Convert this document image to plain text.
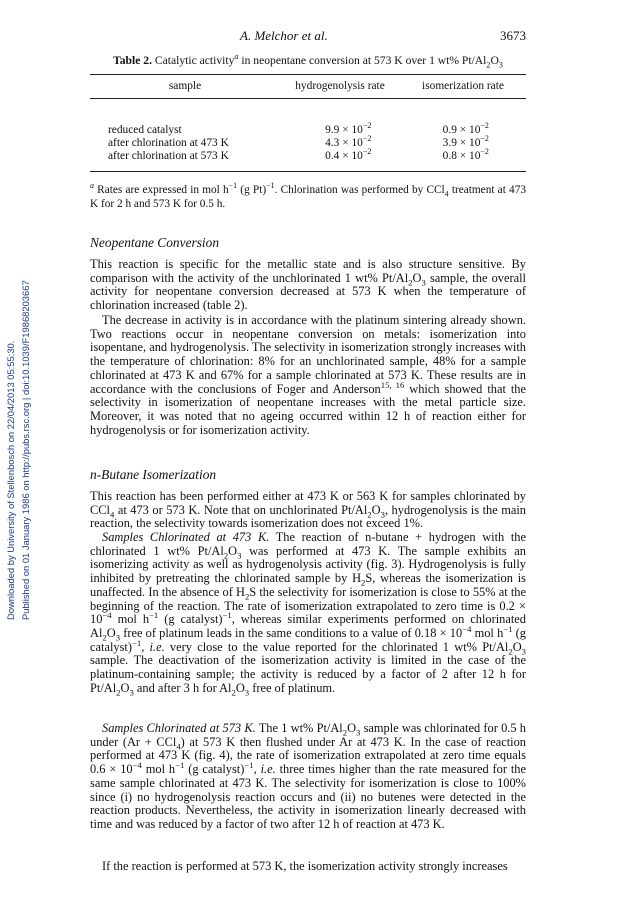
Downloaded by University of Stellenbosch on 22/04/2013 05:55:30. Published on 01 January 1986 on http://pubs.rsc.org | doi:10.1039/F19868203667
A. Melchor et al.	3673
Table 2. Catalytic activity$^a$ in neopentane conversion at 573 K over 1 wt% $Pt/Al_2O_3$
sample	hydrogenolysis rate	isomerization rate
reduced catalyst	$9.9 \times 10^{-2}$	$0.9 \times 10^{-2}$
after chlorination at 473 K	$4.3 \times 10^{-2}$	$3.9 \times 10^{-2}$
after chlorination at 573 K	$0.4 \times 10^{-2}$	$0.8 \times 10^{-2}$
$^a$ Rates are expressed in mol $h^{-1}$ (g Pt)$^{-1}$. Chlorination was performed by CCl$_4$ treatment at 473 K for 2 h and 573 K for 0.5 h.
Neopentane Conversion

This reaction is specific for the metallic state and is also structure sensitive. By comparison with the activity of the unchlorinated 1 wt% $Pt/Al_2O_3$ sample, the overall activity for neopentane conversion decreased at 573 K when the temperature of chlorination increased (table 2).

The decrease in activity is in accordance with the platinum sintering already shown. Two reactions occur in neopentane conversion on metals: isomerization into isopentane, and hydrogenolysis. The selectivity in isomerization strongly increases with the temperature of chlorination: 8% for an unchlorinated sample, 48% for a sample chlorinated at 473 K and 67% for a sample chlorinated at 573 K. These results are in accordance with the conclusions of Foger and Anderson$^{15, 16}$ which showed that the selectivity in isomerization of neopentane increases with the metal particle size. Moreover, it was noted that no ageing occurred within 12 h of reaction either for hydrogenolysis or for isomerization activity.

n-Butane Isomerization

This reaction has been performed either at 473 K or 563 K for samples chlorinated by CCl$_4$ at 473 or 573 K. Note that on unchlorinated $Pt/Al_2O_3$, hydrogenolysis is the main reaction, the selectivity towards isomerization does not exceed 1%.

Samples Chlorinated at 473 K. The reaction of n-butane + hydrogen with the chlorinated 1 wt% $Pt/Al_2O_3$ was performed at 473 K. The sample exhibits an isomerizing activity as well as hydrogenolysis activity (fig. 3). Hydrogenolysis is fully inhibited by pretreating the chlorinated sample by $H_2S$, whereas the isomerization is unaffected. In the absence of $H_2S$ the selectivity for isomerization is close to 55% at the beginning of the reaction. The rate of isomerization extrapolated to zero time is $0.2 \times 10^{-4}$ mol $h^{-1}$ (g catalyst)$^{-1}$, whereas similar experiments performed on chlorinated $Al_2O_3$ free of platinum leads in the same conditions to a value of $0.18 \times 10^{-4}$ mol $h^{-1}$ (g catalyst)$^{-1}$, i.e. very close to the value reported for the chlorinated 1 wt% $Pt/Al_2O_3$ sample. The deactivation of the isomerization activity is limited in the case of the platinum-containing sample; the activity is reduced by a factor of 2 after 12 h for $Pt/Al_2O_3$ and after 3 h for $Al_2O_3$ free of platinum.

Samples Chlorinated at 573 K. The 1 wt% $Pt/Al_2O_3$ sample was chlorinated for 0.5 h under (Ar + CCl$_4$) at 573 K then flushed under Ar at 473 K. In the case of reaction performed at 473 K (fig. 4), the rate of isomerization extrapolated at zero time equals $0.6 \times 10^{-4}$ mol $h^{-1}$ (g catalyst)$^{-1}$, i.e. three times higher than the rate measured for the same sample chlorinated at 473 K. The selectivity for isomerization is close to 100% since (i) no hydrogenolysis reaction occurs and (ii) no butenes were detected in the reaction products. Nevertheless, the activity in isomerization linearly decreased with time and was reduced by a factor of two after 12 h of reaction at 473 K.

If the reaction is performed at 573 K, the isomerization activity strongly increases
